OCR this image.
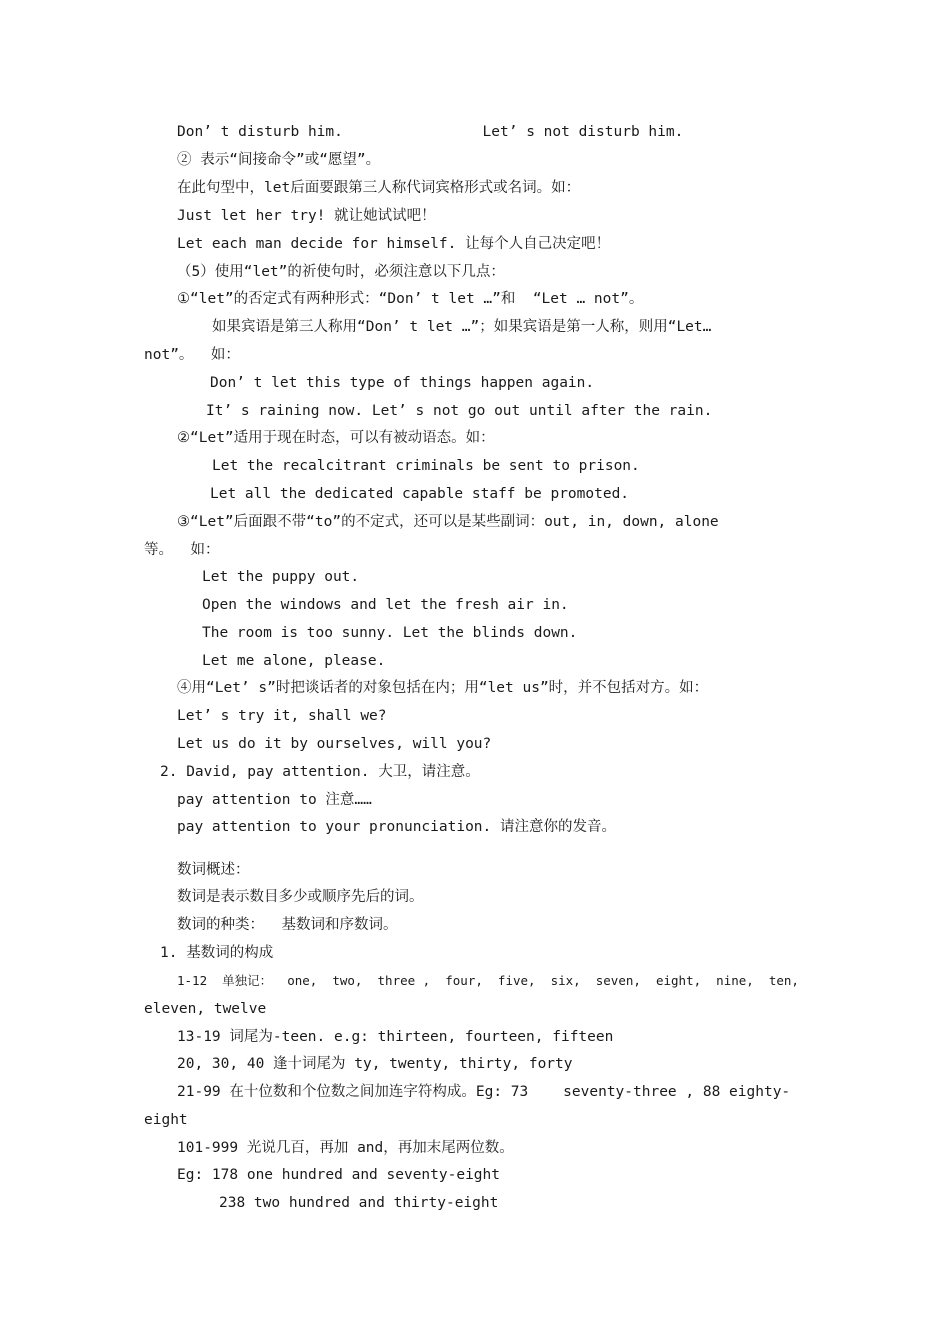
Don’ t disturb him.                Let’ s not disturb him.
② 表示“间接命令”或“愿望”。
在此句型中，let后面要跟第三人称代词宾格形式或名词。如：
Just let her try! 就让她试试吧！
Let each man decide for himself. 让每个人自己决定吧！
（5）使用“let”的祈使句时，必须注意以下几点：
①“let”的否定式有两种形式：“Don’ t let …”和  “Let … not”。
如果宾语是第三人称用“Don’ t let …”；如果宾语是第一人称，则用“Let…
not”。  如：
Don’ t let this type of things happen again.
It’ s raining now. Let’ s not go out until after the rain.
②“Let”适用于现在时态，可以有被动语态。如：
Let the recalcitrant criminals be sent to prison.
Let all the dedicated capable staff be promoted.
③“Let”后面跟不带“to”的不定式，还可以是某些副词：out, in, down, alone
等。  如：
Let the puppy out.
Open the windows and let the fresh air in.
The room is too sunny. Let the blinds down.
Let me alone, please.
④用“Let’ s”时把谈话者的对象包括在内；用“let us”时，并不包括对方。如：
Let’ s try it, shall we?
Let us do it by ourselves, will you?
2. David, pay attention. 大卫，请注意。
pay attention to 注意……
pay attention to your pronunciation. 请注意你的发音。
数词概述：
数词是表示数目多少或顺序先后的词。
数词的种类：  基数词和序数词。
1. 基数词的构成
1-12  单独记：  one,  two,  three ,  four,  five,  six,  seven,  eight,  nine,  ten,
eleven, twelve
13-19 词尾为-teen. e.g: thirteen, fourteen, fifteen
20, 30, 40 逢十词尾为 ty, twenty, thirty, forty
21-99 在十位数和个位数之间加连字符构成。Eg: 73    seventy-three , 88 eighty-
eight
101-999 光说几百，再加 and，再加末尾两位数。
Eg: 178 one hundred and seventy-eight
238 two hundred and thirty-eight
